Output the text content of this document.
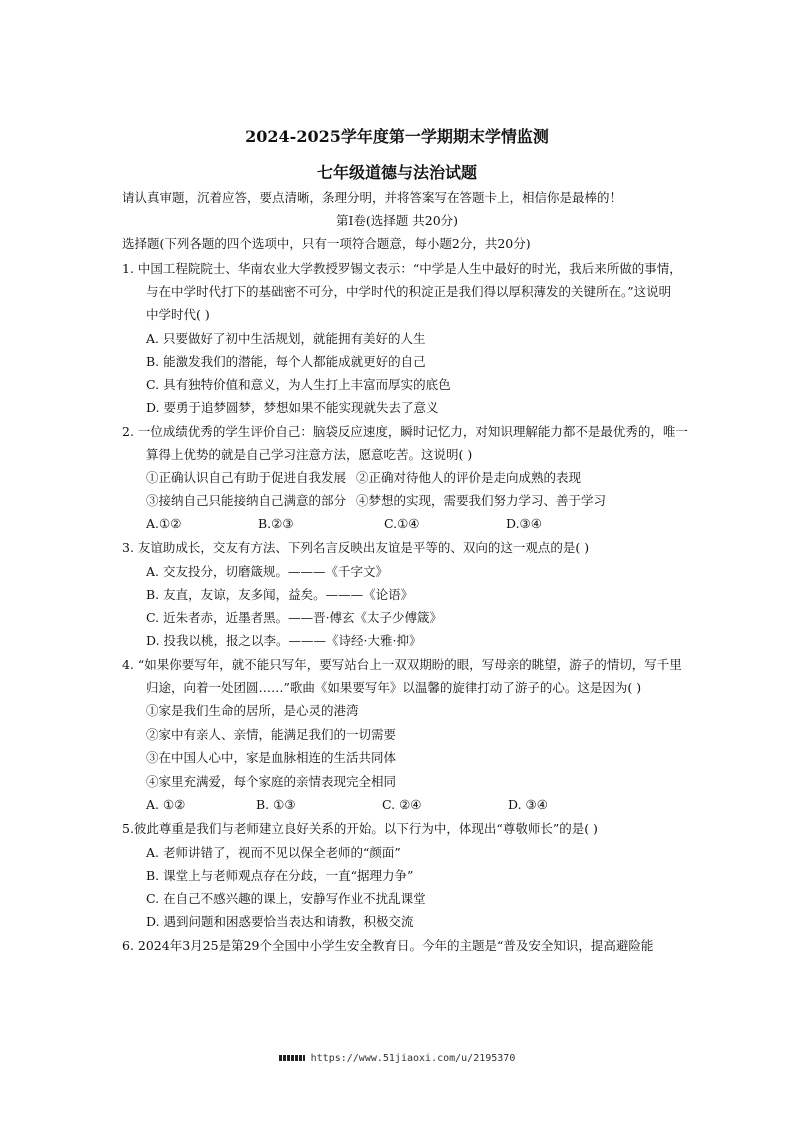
2024-2025学年度第一学期期末学情监测
七年级道德与法治试题
请认真审题，沉着应答，要点清晰，条理分明，并将答案写在答题卡上，相信你是最棒的！
第Ⅰ卷(选择题 共20分)
选择题(下列各题的四个选项中，只有一项符合题意，每小题2分，共20分)
1. 中国工程院院士、华南农业大学教授罗锡文表示：“中学是人生中最好的时光，我后来所做的事情，
与在中学时代打下的基础密不可分，中学时代的积淀正是我们得以厚积薄发的关键所在。”这说明
中学时代( )
A. 只要做好了初中生活规划，就能拥有美好的人生
B. 能激发我们的潜能，每个人都能成就更好的自己
C. 具有独特价值和意义，为人生打上丰富而厚实的底色
D. 要勇于追梦圆梦，梦想如果不能实现就失去了意义
2. 一位成绩优秀的学生评价自己：脑袋反应速度，瞬时记忆力，对知识理解能力都不是最优秀的，唯一
算得上优势的就是自己学习注意方法，愿意吃苦。这说明( )
①正确认识自己有助于促进自我发展 ②正确对待他人的评价是走向成熟的表现
③接纳自己只能接纳自己满意的部分 ④梦想的实现，需要我们努力学习、善于学习
A.①②	B.②③	C.①④	D.③④
3. 友谊助成长，交友有方法、下列名言反映出友谊是平等的、双向的这一观点的是( )
A. 交友投分，切磨箴规。———《千字文》
B. 友直，友谅，友多闻，益矣。———《论语》
C. 近朱者赤，近墨者黑。——晋·傅玄《太子少傅箴》
D. 投我以桃，报之以李。———《诗经·大雅·抑》
4. “如果你要写年，就不能只写年，要写站台上一双双期盼的眼，写母亲的眺望，游子的情切，写千里
归途，向着一处团圆……”歌曲《如果要写年》以温馨的旋律打动了游子的心。这是因为( )
①家是我们生命的居所，是心灵的港湾
②家中有亲人、亲情，能满足我们的一切需要
③在中国人心中，家是血脉相连的生活共同体
④家里充满爱，每个家庭的亲情表现完全相同
A. ①②	B. ①③	C. ②④	D. ③④
5.彼此尊重是我们与老师建立良好关系的开始。以下行为中，体现出“尊敬师长”的是( )
A. 老师讲错了，视而不见以保全老师的“颜面”
B. 课堂上与老师观点存在分歧，一直“据理力争”
C. 在自己不感兴趣的课上，安静写作业不扰乱课堂
D. 遇到问题和困惑要恰当表达和请教，积极交流
6. 2024年3月25是第29个全国中小学生安全教育日。今年的主题是“普及安全知识，提高避险能
https://www.51jiaoxi.com/u/2195370
